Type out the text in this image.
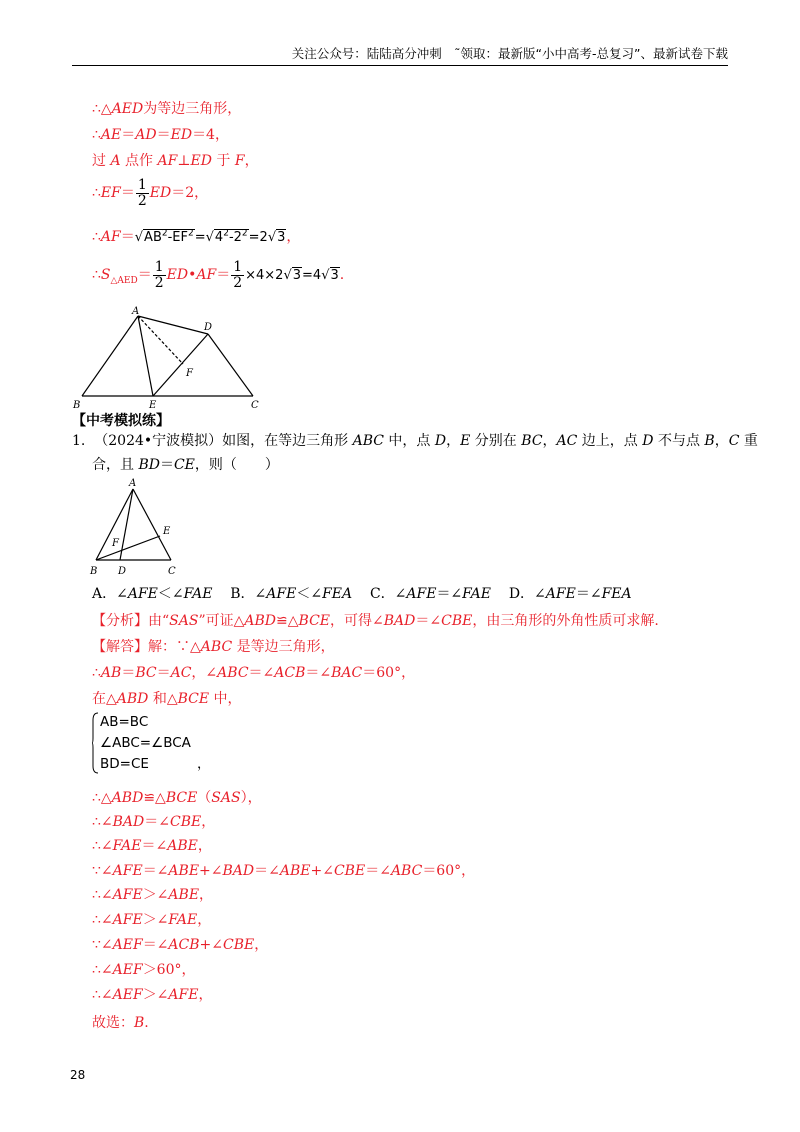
关注公众号：陆陆高分冲刺　˜领取：最新版“小中高考-总复习”、最新试卷下载
∴△AED为等边三角形，
∴AE＝AD＝ED＝4，
过 A 点作 AF⊥ED 于 F，
∴EF＝ $\frac{1}{2} ED=2$，
$\therefore AF=√AB^2-EF^2=√4^2-2^2=2√3$，
$\therefore S_{\triangle AED}= \frac{1}{2}$ ED•AF＝ $\frac{1}{2} \times 4\times 2√3=4√3$.
A
D
F
B	E	C
【中考模拟练】
1. （2024•宁波模拟）如图，在等边三角形 ABC 中，点 D，E 分别在 BC，AC 边上，点 D 不与点 B，C 重
合，且 BD＝CE，则（　　）
A
E
F
B D	C
A．∠AFE＜∠FAE B．∠AFE＜∠FEA C．∠AFE＝∠FAE D．∠AFE＝∠FEA
【分析】由“SAS”可证△ABD≌△BCE，可得∠BAD＝∠CBE，由三角形的外角性质可求解.
【解答】解：∵△ABC 是等边三角形，
∴AB＝BC＝AC，∠ABC＝∠ACB＝∠BAC＝60°，
在△ABD 和△BCE 中，
AB=BC
∠ABC=∠BCA
BD=CE	，
∴△ABD≌△BCE（SAS），
∴∠BAD＝∠CBE，
∴∠FAE＝∠ABE，
∵∠AFE＝∠ABE+∠BAD＝∠ABE+∠CBE＝∠ABC＝60°，
∴∠AFE＞∠ABE，
∴∠AFE＞∠FAE，
∵∠AEF＝∠ACB+∠CBE，
∴∠AEF＞60°，
∴∠AEF＞∠AFE，
故选：B.
28
